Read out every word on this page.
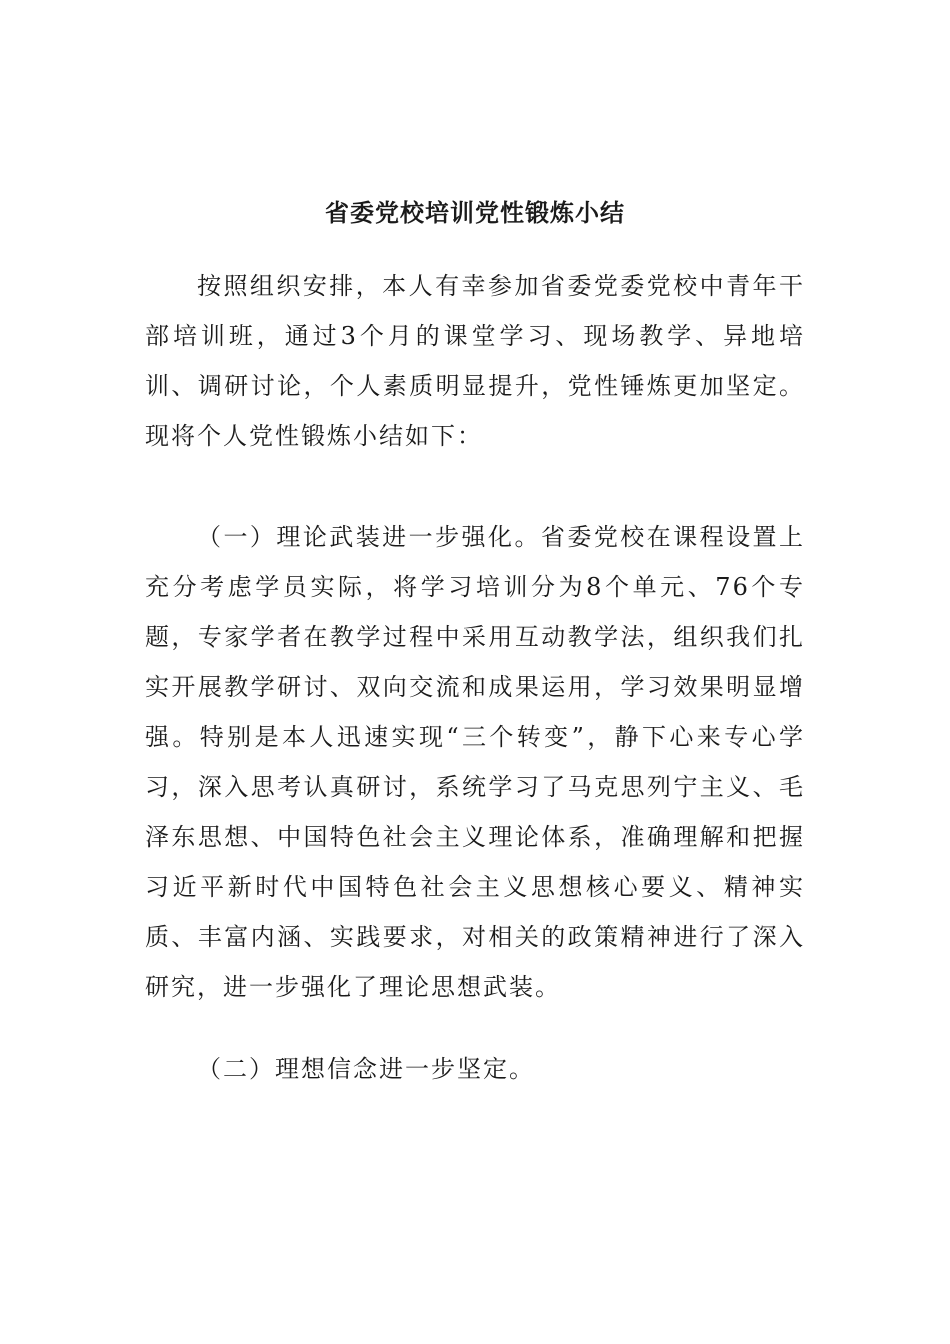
省委党校培训党性锻炼小结
按照组织安排，本人有幸参加省委党委党校中青年干部培训班，通过3个月的课堂学习、现场教学、异地培训、调研讨论，个人素质明显提升，党性锤炼更加坚定。现将个人党性锻炼小结如下：
（一）理论武装进一步强化。省委党校在课程设置上充分考虑学员实际，将学习培训分为8个单元、76个专题，专家学者在教学过程中采用互动教学法，组织我们扎实开展教学研讨、双向交流和成果运用，学习效果明显增强。特别是本人迅速实现“三个转变”，静下心来专心学习，深入思考认真研讨，系统学习了马克思列宁主义、毛泽东思想、中国特色社会主义理论体系，准确理解和把握习近平新时代中国特色社会主义思想核心要义、精神实质、丰富内涵、实践要求，对相关的政策精神进行了深入研究，进一步强化了理论思想武装。
（二）理想信念进一步坚定。
